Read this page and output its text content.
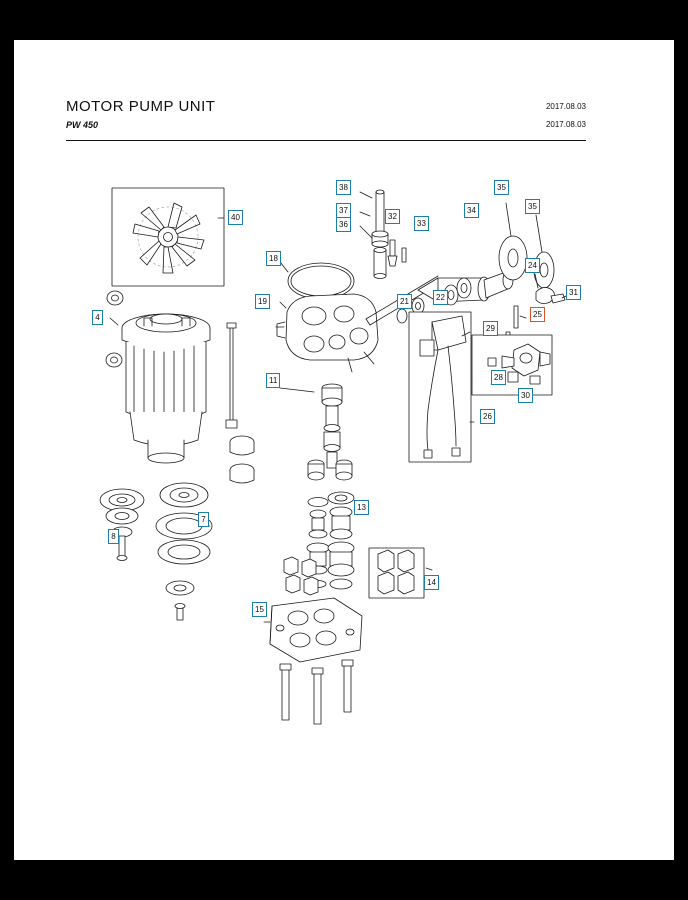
MOTOR PUMP UNIT
PW 450
2017.08.03
2017.08.03
40
38
37
36
32
33
34
35
35
24
31
25
18
19	21	22
29
28
30
26
11
4
8
7
13
14
15
